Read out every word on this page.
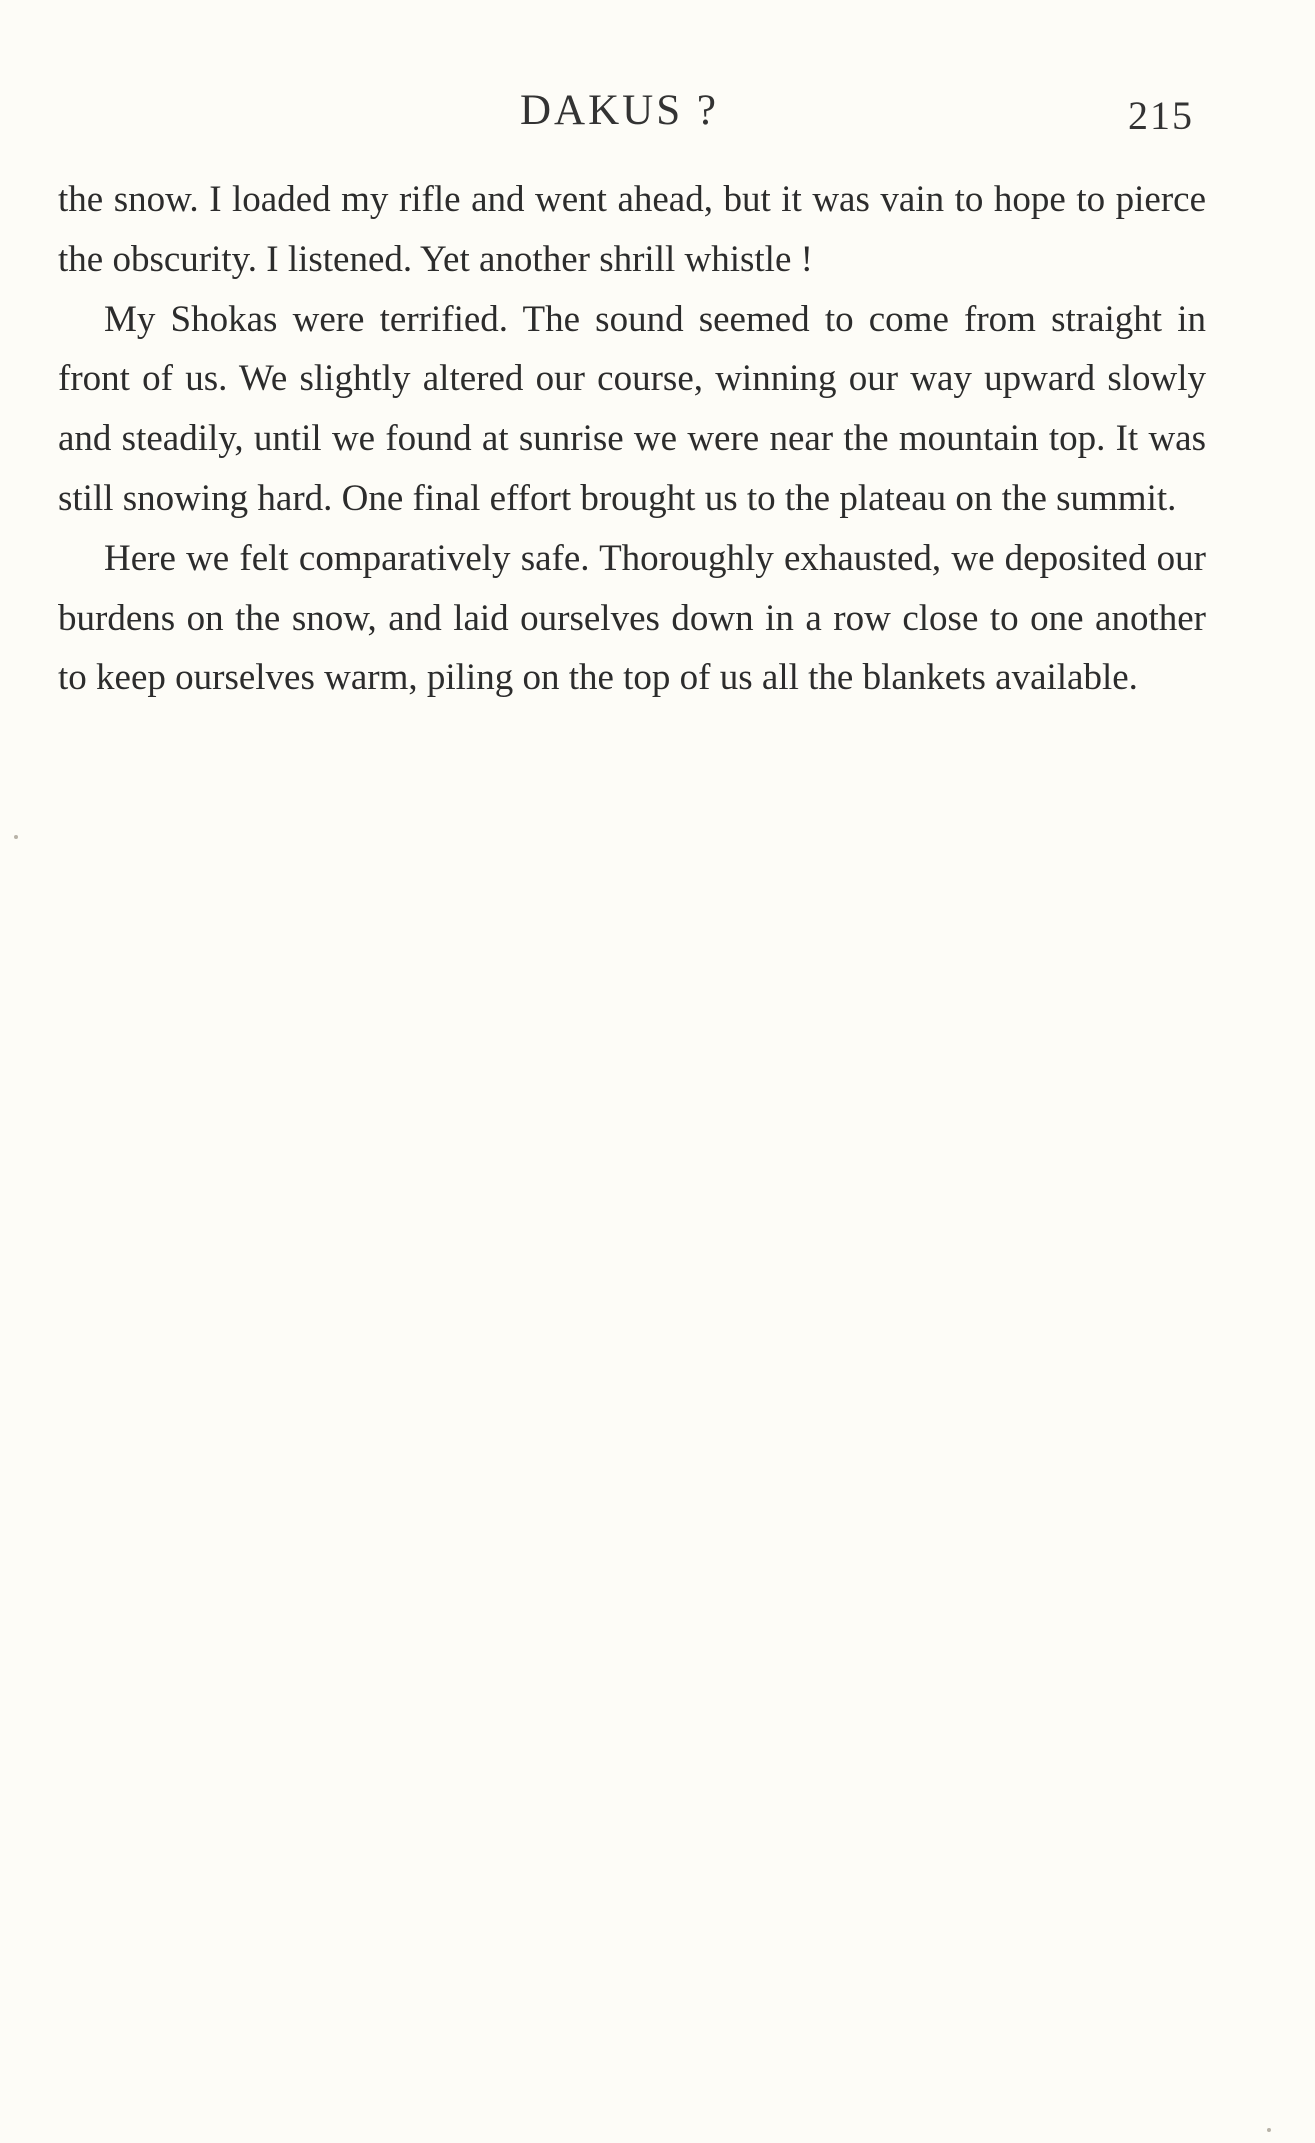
DAKUS ?	215

the snow. I loaded my rifle and went ahead, but it was vain to hope to pierce the obscurity. I listened. Yet another shrill whistle !

My Shokas were terrified. The sound seemed to come from straight in front of us. We slightly altered our course, winning our way upward slowly and steadily, until we found at sunrise we were near the mountain top. It was still snowing hard. One final effort brought us to the plateau on the summit.

Here we felt comparatively safe. Thoroughly exhausted, we deposited our burdens on the snow, and laid ourselves down in a row close to one another to keep ourselves warm, piling on the top of us all the blankets available.
